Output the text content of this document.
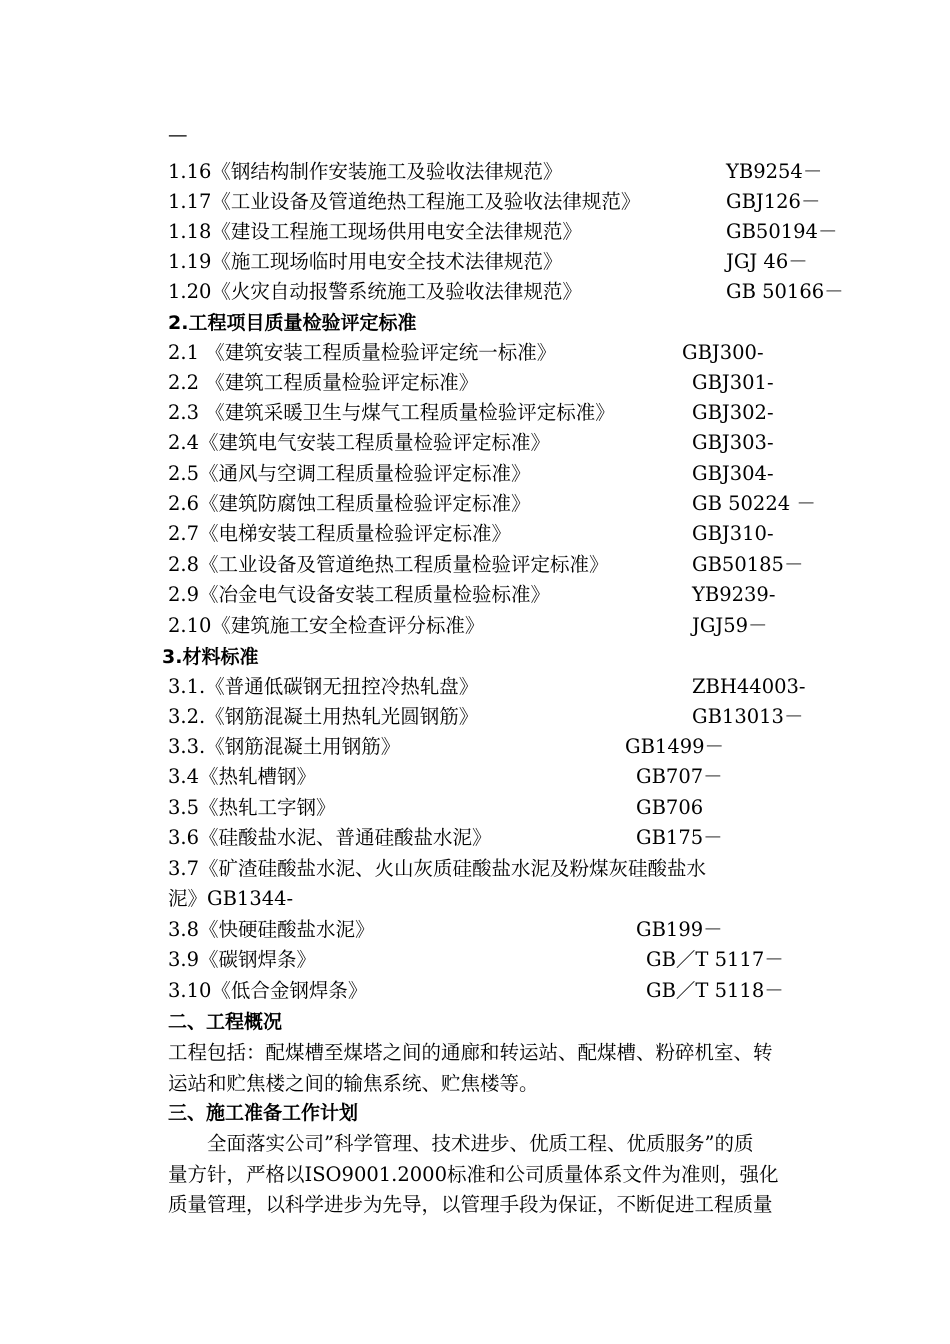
—
1.16《钢结构制作安装施工及验收法律规范》	YB9254－
1.17《工业设备及管道绝热工程施工及验收法律规范》	GBJ126－
1.18《建设工程施工现场供用电安全法律规范》	GB50194－
1.19《施工现场临时用电安全技术法律规范》	JGJ 46－
1.20《火灾自动报警系统施工及验收法律规范》	GB 50166－
2.工程项目质量检验评定标准
2.1 《建筑安装工程质量检验评定统一标准》	GBJ300-
2.2 《建筑工程质量检验评定标准》	GBJ301-
2.3 《建筑采暖卫生与煤气工程质量检验评定标准》	GBJ302-
2.4《建筑电气安装工程质量检验评定标准》	GBJ303-
2.5《通风与空调工程质量检验评定标准》	GBJ304-
2.6《建筑防腐蚀工程质量检验评定标准》	GB 50224 －
2.7《电梯安装工程质量检验评定标准》	GBJ310-
2.8《工业设备及管道绝热工程质量检验评定标准》	GB50185－
2.9《冶金电气设备安装工程质量检验标准》	YB9239-
2.10《建筑施工安全检查评分标准》	JGJ59－
3.材料标准
3.1.《普通低碳钢无扭控冷热轧盘》	ZBH44003-
3.2.《钢筋混凝土用热轧光圆钢筋》	GB13013－
3.3.《钢筋混凝土用钢筋》	GB1499－
3.4《热轧槽钢》	GB707－
3.5《热轧工字钢》	GB706
3.6《硅酸盐水泥、普通硅酸盐水泥》	GB175－
3.7《矿渣硅酸盐水泥、火山灰质硅酸盐水泥及粉煤灰硅酸盐水
泥》GB1344-
3.8《快硬硅酸盐水泥》	GB199－
3.9《碳钢焊条》	GB／T 5117－
3.10《低合金钢焊条》	GB／T 5118－
二、工程概况

工程包括：配煤槽至煤塔之间的通廊和转运站、配煤槽、粉碎机室、转

运站和贮焦楼之间的输焦系统、贮焦楼等。

三、施工准备工作计划

　　全面落实公司”科学管理、技术进步、优质工程、优质服务”的质

量方针，严格以ISO9001.2000标准和公司质量体系文件为准则，强化

质量管理，以科学进步为先导，以管理手段为保证，不断促进工程质量
